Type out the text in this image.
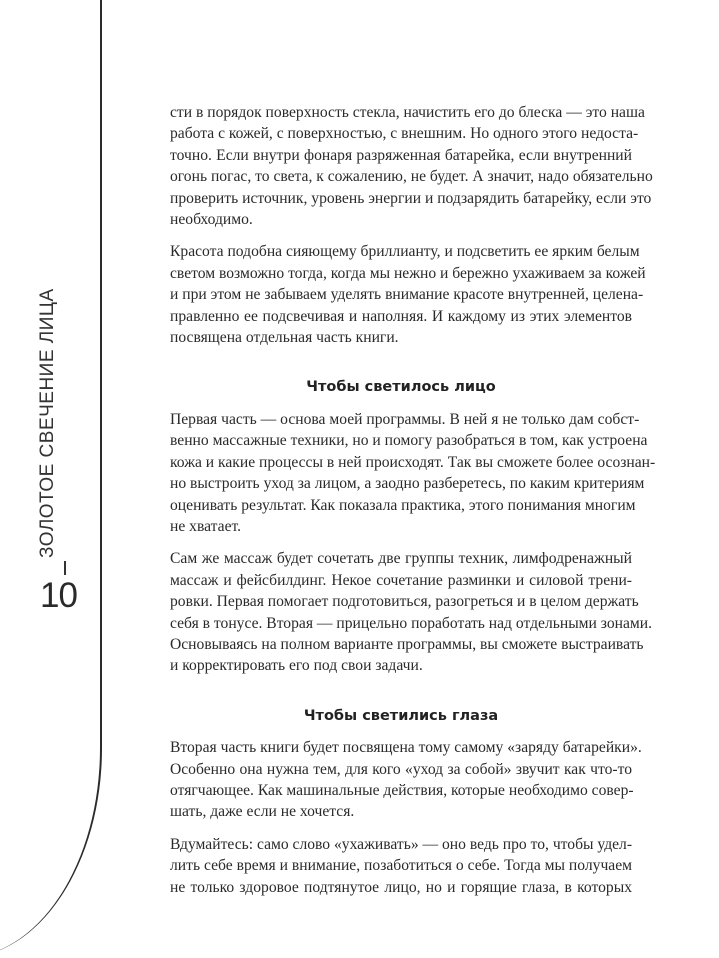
ЗОЛОТОЕ СВЕЧЕНИЕ ЛИЦА
10

сти в порядок поверхность стекла, начистить его до блеска — это наша
работа с кожей, с поверхностью, с внешним. Но одного этого недоста-
точно. Если внутри фонаря разряженная батарейка, если внутренний
огонь погас, то света, к сожалению, не будет. А значит, надо обязательно
проверить источник, уровень энергии и подзарядить батарейку, если это
необходимо.

Красота подобна сияющему бриллианту, и подсветить ее ярким белым
светом возможно тогда, когда мы нежно и бережно ухаживаем за кожей
и при этом не забываем уделять внимание красоте внутренней, целена-
правленно ее подсвечивая и наполняя. И каждому из этих элементов
посвящена отдельная часть книги.

Чтобы светилось лицо

Первая часть — основа моей программы. В ней я не только дам собст-
венно массажные техники, но и помогу разобраться в том, как устроена
кожа и какие процессы в ней происходят. Так вы сможете более осознан-
но выстроить уход за лицом, а заодно разберетесь, по каким критериям
оценивать результат. Как показала практика, этого понимания многим
не хватает.

Сам же массаж будет сочетать две группы техник, лимфодренажный
массаж и фейсбилдинг. Некое сочетание разминки и силовой трени-
ровки. Первая помогает подготовиться, разогреться и в целом держать
себя в тонусе. Вторая — прицельно поработать над отдельными зонами.
Основываясь на полном варианте программы, вы сможете выстраивать
и корректировать его под свои задачи.

Чтобы светились глаза

Вторая часть книги будет посвящена тому самому «заряду батарейки».
Особенно она нужна тем, для кого «уход за собой» звучит как что-то
отягчающее. Как машинальные действия, которые необходимо совер-
шать, даже если не хочется.

Вдумайтесь: само слово «ухаживать» — оно ведь про то, чтобы удел-
лить себе время и внимание, позаботиться о себе. Тогда мы получаем
не только здоровое подтянутое лицо, но и горящие глаза, в которых
